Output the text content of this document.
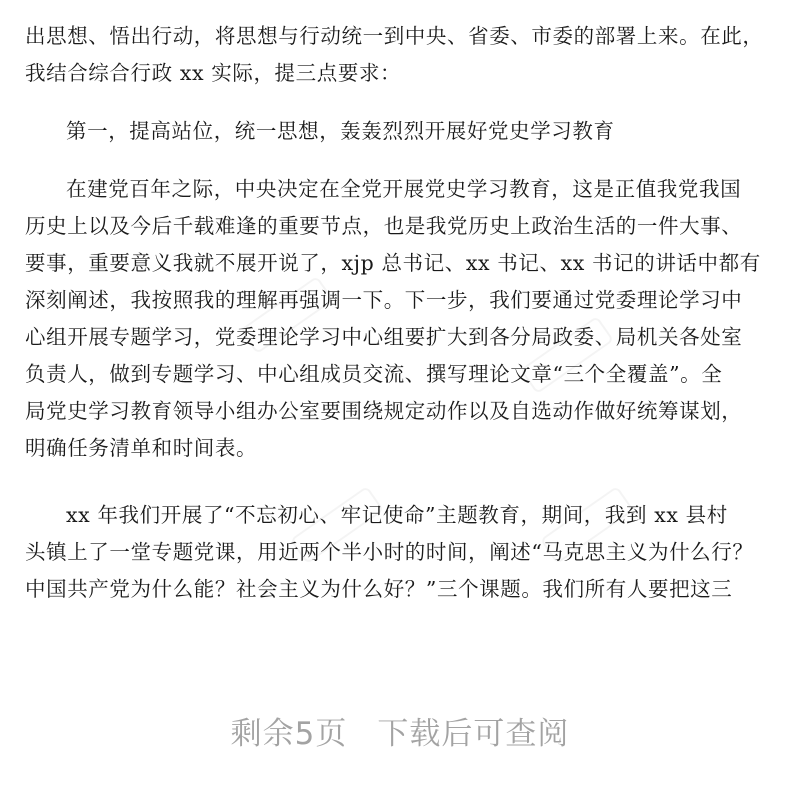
出思想、悟出行动，将思想与行动统一到中央、省委、市委的部署上来。在此，
我结合综合行政 xx 实际，提三点要求：
第一，提高站位，统一思想，轰轰烈烈开展好党史学习教育
在建党百年之际，中央决定在全党开展党史学习教育，这是正值我党我国
历史上以及今后千载难逢的重要节点，也是我党历史上政治生活的一件大事、
要事，重要意义我就不展开说了，xjp 总书记、xx 书记、xx 书记的讲话中都有
深刻阐述，我按照我的理解再强调一下。下一步，我们要通过党委理论学习中
心组开展专题学习，党委理论学习中心组要扩大到各分局政委、局机关各处室
负责人，做到专题学习、中心组成员交流、撰写理论文章“三个全覆盖”。全
局党史学习教育领导小组办公室要围绕规定动作以及自选动作做好统筹谋划，
明确任务清单和时间表。
xx 年我们开展了“不忘初心、牢记使命”主题教育，期间，我到 xx 县村
头镇上了一堂专题党课，用近两个半小时的时间，阐述“马克思主义为什么行？
中国共产党为什么能？社会主义为什么好？”三个课题。我们所有人要把这三
剩余5页 下载后可查阅
